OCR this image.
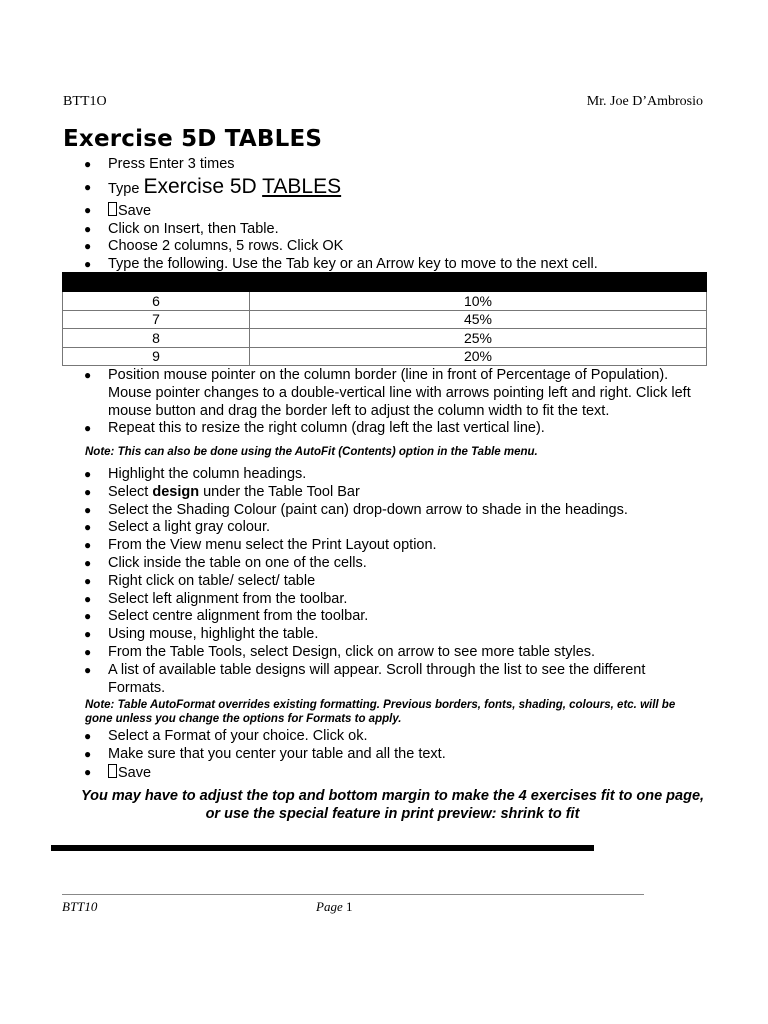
BTT1O	Mr. Joe D’Ambrosio
Exercise 5D TABLES
● Press Enter 3 times
● Type Exercise 5D TABLES
● Save
● Click on Insert, then Table.
● Choose 2 columns, 5 rows. Click OK
● Type the following. Use the Tab key or an Arrow key to move to the next cell.

6	10%
7	45%
8	25%
9	20%
● Position mouse pointer on the column border (line in front of Percentage of Population). Mouse pointer changes to a double-vertical line with arrows pointing left and right. Click left mouse button and drag the border left to adjust the column width to fit the text.
● Repeat this to resize the right column (drag left the last vertical line).
Note: This can also be done using the AutoFit (Contents) option in the Table menu.
● Highlight the column headings.
● Select design under the Table Tool Bar
● Select the Shading Colour (paint can) drop-down arrow to shade in the headings.
● Select a light gray colour.
● From the View menu select the Print Layout option.
● Click inside the table on one of the cells.
● Right click on table/ select/ table
● Select left alignment from the toolbar.
● Select centre alignment from the toolbar.
● Using mouse, highlight the table.
● From the Table Tools, select Design, click on arrow to see more table styles.
● A list of available table designs will appear. Scroll through the list to see the different Formats.
Note: Table AutoFormat overrides existing formatting. Previous borders, fonts, shading, colours, etc. will be gone unless you change the options for Formats to apply.
● Select a Format of your choice. Click ok.
● Make sure that you center your table and all the text.
● Save
You may have to adjust the top and bottom margin to make the 4 exercises fit to one page, or use the special feature in print preview: shrink to fit
BTT10	Page 1
